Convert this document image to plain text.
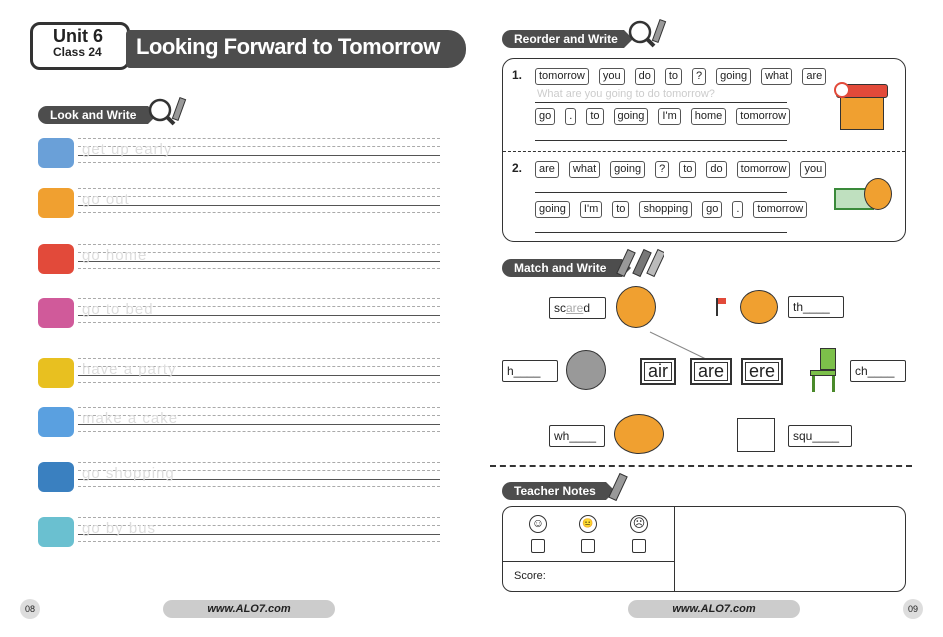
Unit 6
Class 24	Looking Forward to Tomorrow
Look and Write
get up early
go out
go home
go to bed
have a party
make a cake
go shopping
go by bus
Reorder and Write
1.	tomorrow you do to ? going what are
What are you going to do tomorrow?
go . to going I'm home tomorrow
2.	are what going ? to do tomorrow you
going I'm to shopping go . tomorrow
Match and Write
scared	th____
h____	air	are	ere	ch____
wh____	squ____
Teacher Notes
☺	😐	☹
Score:
08	www.ALO7.com	www.ALO7.com	09
